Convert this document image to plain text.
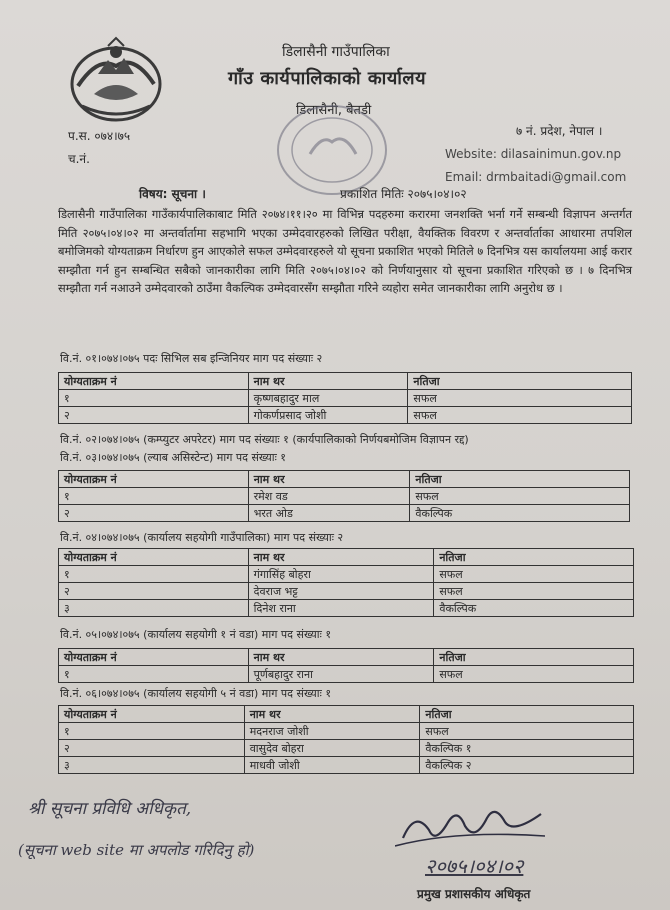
डिलासैनी गाउँपालिका
गाँउ कार्यपालिकाको कार्यालय
डिलासैनी, बैतडी
प.स. ०७४।७५
च.नं.
७ नं. प्रदेश, नेपाल ।
Website: dilasainimun.gov.np
Email: drmbaitadi@gmail.com
विषय: सूचना ।	प्रकाशित मितिः २०७५।०४।०२
डिलासैनी गाउँपालिका गाउँकार्यपालिकाबाट मिति २०७४।११।२० मा विभिन्न पदहरुमा करारमा जनशक्ति भर्ना गर्ने सम्बन्धी विज्ञापन अन्तर्गत मिति २०७५।०४।०२ मा अन्तर्वार्तामा सहभागि भएका उम्मेदवारहरुको लिखित परीक्षा, वैयक्तिक विवरण र अन्तर्वार्ताका आधारमा तपशिल बमोजिमको योग्यताक्रम निर्धारण हुन आएकोले सफल उम्मेदवारहरुले यो सूचना प्रकाशित भएको मितिले ७ दिनभित्र यस कार्यालयमा आई करार सम्झौता गर्न हुन सम्बन्धित सबैको जानकारीका लागि मिति २०७५।०४।०२ को निर्णयानुसार यो सूचना प्रकाशित गरिएको छ । ७ दिनभित्र सम्झौता गर्न नआउने उम्मेदवारको ठाउँमा वैकल्पिक उम्मेदवारसँग सम्झौता गरिने व्यहोरा समेत जानकारीका लागि अनुरोध छ ।
वि.नं. ०१।०७४।०७५ पदः सिभिल सब इन्जिनियर माग पद संख्याः २
योग्यताक्रम नं	नाम थर	नतिजा
१	कृष्णबहादुर माल	सफल
२	गोकर्णप्रसाद जोशी	सफल
वि.नं. ०२।०७४।०७५ (कम्प्युटर अपरेटर) माग पद संख्याः १ (कार्यपालिकाको निर्णयबमोजिम विज्ञापन रद्द)
वि.नं. ०३।०७४।०७५ (ल्याब असिस्टेन्ट) माग पद संख्याः १
योग्यताक्रम नं	नाम थर	नतिजा
१	रमेश वड	सफल
२	भरत ओड	वैकल्पिक
वि.नं. ०४।०७४।०७५ (कार्यालय सहयोगी गाउँपालिका) माग पद संख्याः २
योग्यताक्रम नं	नाम थर	नतिजा
१	गंगासिंह बोहरा	सफल
२	देवराज भट्ट	सफल
३	दिनेश राना	वैकल्पिक
वि.नं. ०५।०७४।०७५ (कार्यालय सहयोगी १ नं वडा) माग पद संख्याः १
योग्यताक्रम नं	नाम थर	नतिजा
१	पूर्णबहादुर राना	सफल
वि.नं. ०६।०७४।०७५ (कार्यालय सहयोगी ५ नं वडा) माग पद संख्याः १
योग्यताक्रम नं	नाम थर	नतिजा
१	मदनराज जोशी	सफल
२	वासुदेव बोहरा	वैकल्पिक १
३	माधवी जोशी	वैकल्पिक २
श्री सूचना प्रविधि अधिकृत,
(सूचना web site मा अपलोड गरिदिनु हो)
२०७५।०४।०२
प्रमुख प्रशासकीय अधिकृत
